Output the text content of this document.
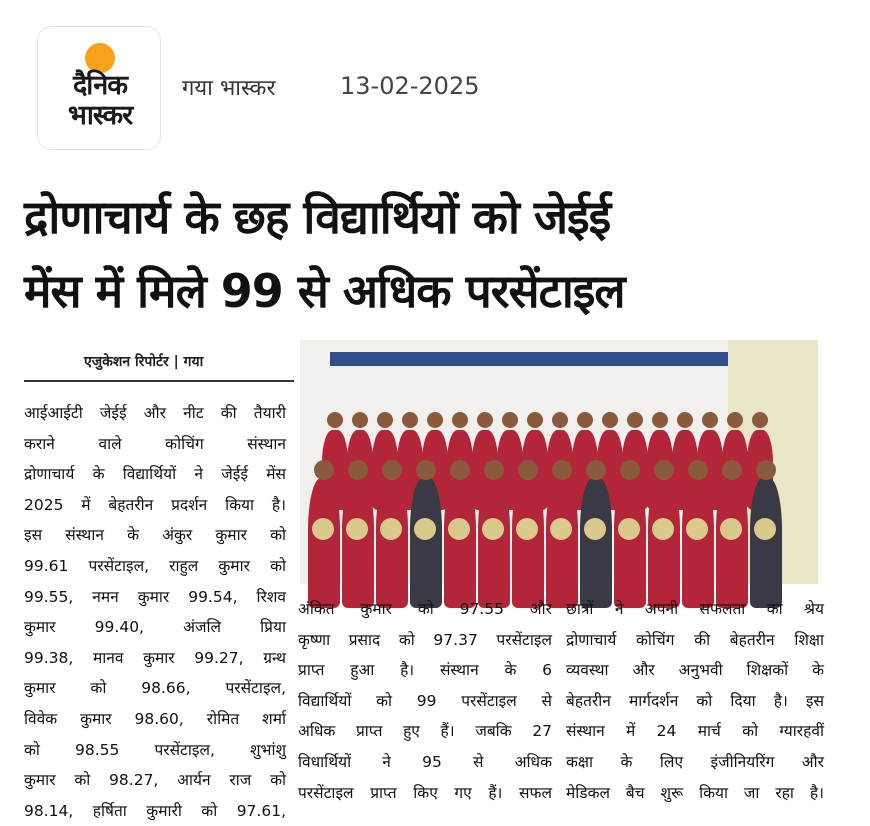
दैनिक
भास्कर
गया भास्कर	13-02-2025
द्रोणाचार्य के छह विद्यार्थियों को जेईई
मेंस में मिले 99 से अधिक परसेंटाइल
एजुकेशन रिपोर्टर | गया
आईआईटी जेईई और नीट की तैयारी
कराने वाले कोचिंग संस्थान
द्रोणाचार्य के विद्यार्थियों ने जेईई मेंस
2025 में बेहतरीन प्रदर्शन किया है।
इस संस्थान के अंकुर कुमार को
99.61 परसेंटाइल, राहुल कुमार को
99.55, नमन कुमार 99.54, रिशव
कुमार 99.40, अंजलि प्रिया
99.38, मानव कुमार 99.27, ग्रन्थ
कुमार को 98.66, परसेंटाइल,
विवेक कुमार 98.60, रोमित शर्मा
को 98.55 परसेंटाइल, शुभांशु
कुमार को 98.27, आर्यन राज को
98.14, हर्षिता कुमारी को 97.61,
अंकित कुमार को 97.55 और
कृष्णा प्रसाद को 97.37 परसेंटाइल
प्राप्त हुआ है। संस्थान के 6
विद्यार्थियों को 99 परसेंटाइल से
अधिक प्राप्त हुए हैं। जबकि 27
विधार्थियों ने 95 से अधिक
परसेंटाइल प्राप्त किए गए हैं। सफल
छात्रों ने अपनी सफलता का श्रेय
द्रोणाचार्य कोचिंग की बेहतरीन शिक्षा
व्यवस्था और अनुभवी शिक्षकों के
बेहतरीन मार्गदर्शन को दिया है। इस
संस्थान में 24 मार्च को ग्यारहवीं
कक्षा के लिए इंजीनियरिंग और
मेडिकल बैच शुरू किया जा रहा है।
